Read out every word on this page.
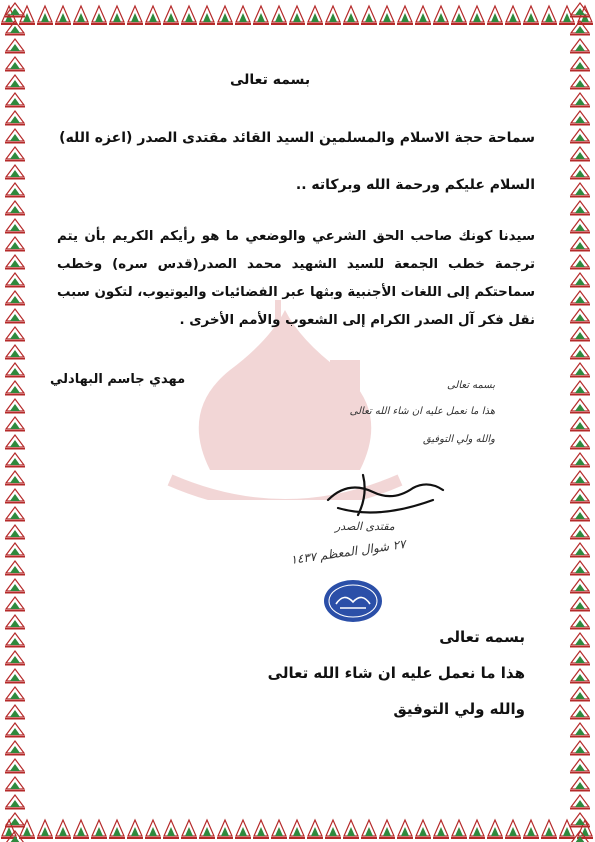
بسمه تعالى
سماحة حجة الاسلام والمسلمين السيد القائد مقتدى الصدر (اعزه الله)
السلام عليكم ورحمة الله وبركاته ..
سيدنا كونك صاحب الحق الشرعي والوضعي ما هو رأيكم الكريم بأن يتم ترجمة خطب الجمعة للسيد الشهيد محمد الصدر(قدس سره) وخطب سماحتكم إلى اللغات الأجنبية وبثها عبر الفضائيات واليوتيوب، لتكون سبب نقل فكر آل الصدر الكرام إلى الشعوب والأمم الأخرى .
مهدي جاسم البهادلي	بسمه تعالى
هذا ما نعمل عليه ان شاء الله تعالى
والله ولي التوفيق
مقتدى الصدر
٢٧ شوال المعظم ١٤٣٧
بسمه تعالى
هذا ما نعمل عليه ان شاء الله تعالى
والله ولي التوفيق
